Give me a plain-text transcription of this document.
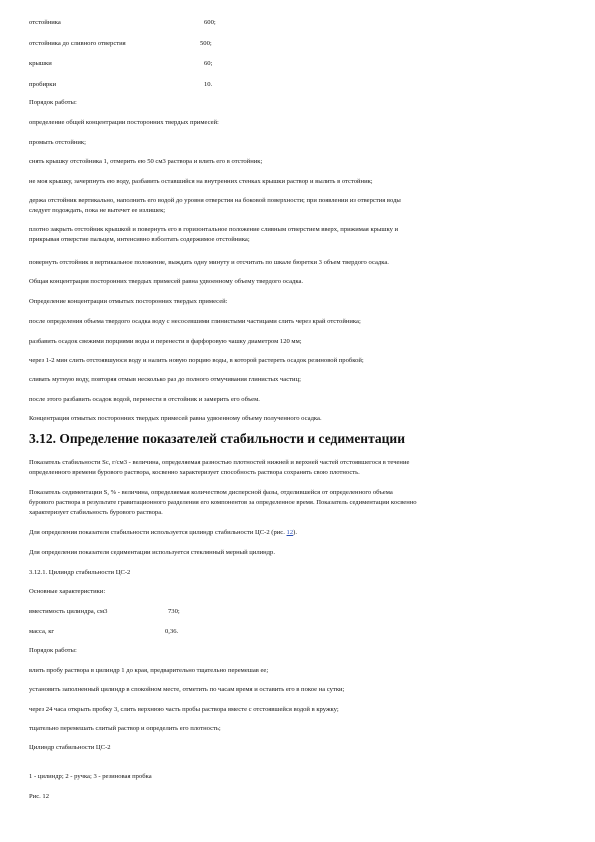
отстойника	600;
отстойника до сливного отверстия	500;
крышки	60;
пробирки	10.
Порядок работы:
определение общей концентрации посторонних твердых примесей:
промыть отстойник;
снять крышку отстойника 1, отмерить ею 50 см3 раствора и влить его в отстойник;
не моя крышку, зачерпнуть ею воду, разбавить оставшийся на внутренних стенках крышки раствор и вылить в отстойник;
держа отстойник вертикально, наполнить его водой до уровня отверстия на боковой поверхности; при появлении из отверстия воды
следует подождать, пока не вытечет ее излишек;
плотно закрыть отстойник крышкой и повернуть его в горизонтальное положение сливным отверстием вверх, прижимая крышку и
прикрывая отверстие пальцем, интенсивно взболтать содержимое отстойника;
повернуть отстойник в вертикальное положение, выждать одну минуту и отсчитать по шкале бюретки 3 объем твердого осадка.
Общая концентрация посторонних твердых примесей равна удвоенному объему твердого осадка.
Определение концентрации отмытых посторонних твердых примесей:
после определения объема твердого осадка воду с несосевшими глинистыми частицами слить через край отстойника;
разбавить осадок свежими порциями воды и перенести в фарфоровую чашку диаметром 120 мм;
через 1-2 мин слить отстоявшуюся воду и налить новую порцию воды, в которой растереть осадок резиновой пробкой;
сливать мутную воду, повторяя отмыв несколько раз до полного отмучивания глинистых частиц;
после этого разбавить осадок водой, перенести в отстойник и замерить его объем.
Концентрация отмытых посторонних твердых примесей равна удвоенному объему полученного осадка.
3.12. Определение показателей стабильности и седиментации
Показатель стабильности Sc, г/см3 - величина, определяемая разностью плотностей нижней и верхней частей отстоявшегося в течение
определенного времени бурового раствора, косвенно характеризует способность раствора сохранять свою плотность.
Показатель седиментации S, % - величина, определяемая количеством дисперсной фазы, отделившейся от определенного объема
бурового раствора в результате гравитационного разделения его компонентов за определенное время. Показатель седиментации косвенно
характеризует стабильность бурового раствора.
Для определения показателя стабильности используется цилиндр стабильности ЦС-2 (рис. 12).
Для определения показателя седиментации используется стеклянный мерный цилиндр.
3.12.1. Цилиндр стабильности ЦС-2
Основные характеристики:
вместимость цилиндра, см3	730;
масса, кг	0,36.
Порядок работы:
влить пробу раствора в цилиндр 1 до края, предварительно тщательно перемешав ее;
установить заполненный цилиндр в спокойном месте, отметить по часам время и оставить его в покое на сутки;
через 24 часа открыть пробку 3, слить верхнюю часть пробы раствора вместе с отстоявшейся водой в кружку;
тщательно перемешать слитый раствор и определить его плотность;
Цилиндр стабильности ЦС-2
1 - цилиндр; 2 - ручка; 3 - резиновая пробка
Рис. 12
